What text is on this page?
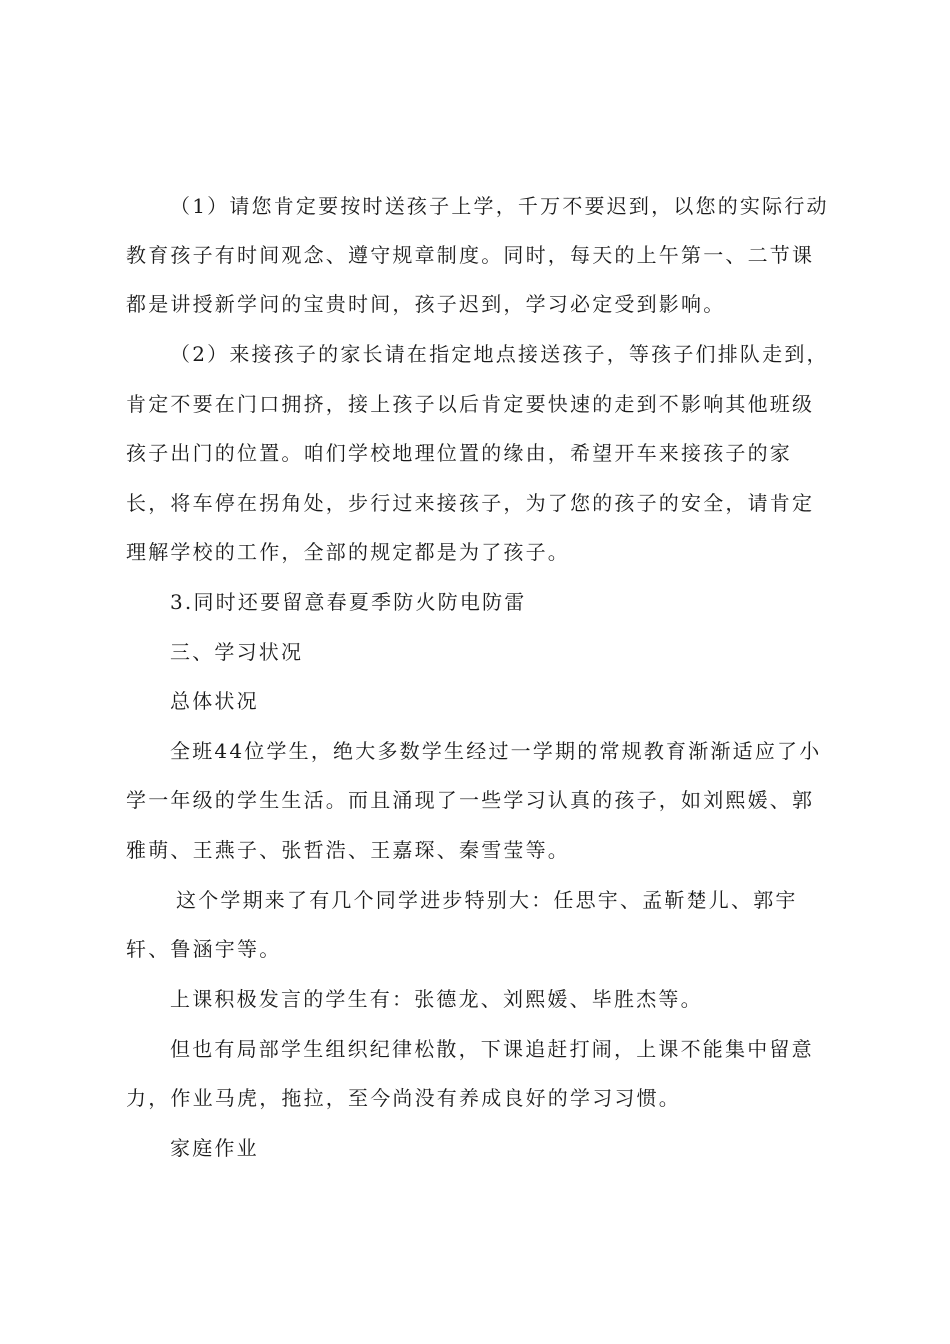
（1）请您肯定要按时送孩子上学，千万不要迟到，以您的实际行动
教育孩子有时间观念、遵守规章制度。同时，每天的上午第一、二节课
都是讲授新学问的宝贵时间，孩子迟到，学习必定受到影响。
（2）来接孩子的家长请在指定地点接送孩子，等孩子们排队走到，
肯定不要在门口拥挤，接上孩子以后肯定要快速的走到不影响其他班级
孩子出门的位置。咱们学校地理位置的缘由，希望开车来接孩子的家
长，将车停在拐角处，步行过来接孩子，为了您的孩子的安全，请肯定
理解学校的工作，全部的规定都是为了孩子。
3.同时还要留意春夏季防火防电防雷
三、学习状况
总体状况
全班44位学生，绝大多数学生经过一学期的常规教育渐渐适应了小
学一年级的学生生活。而且涌现了一些学习认真的孩子，如刘熙媛、郭
雅萌、王燕子、张哲浩、王嘉琛、秦雪莹等。
这个学期来了有几个同学进步特别大：任思宇、孟靳楚儿、郭宇
轩、鲁涵宇等。
上课积极发言的学生有：张德龙、刘熙媛、毕胜杰等。
但也有局部学生组织纪律松散，下课追赶打闹，上课不能集中留意
力，作业马虎，拖拉，至今尚没有养成良好的学习习惯。
家庭作业
